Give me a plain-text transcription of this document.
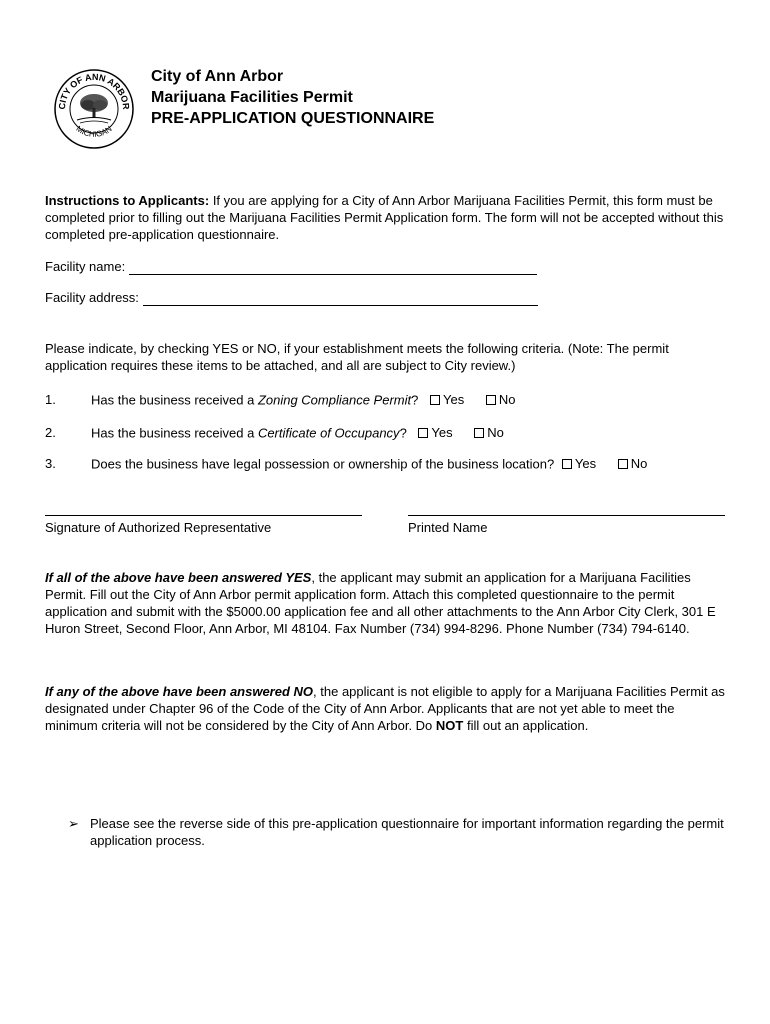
CITY OF ANN ARBOR
MICHIGAN
City of Ann Arbor
Marijuana Facilities Permit
PRE-APPLICATION QUESTIONNAIRE
Instructions to Applicants: If you are applying for a City of Ann Arbor Marijuana Facilities Permit, this form must be completed prior to filling out the Marijuana Facilities Permit Application form. The form will not be accepted without this completed pre-application questionnaire.
Facility name:
Facility address:
Please indicate, by checking YES or NO, if your establishment meets the following criteria. (Note: The permit application requires these items to be attached, and all are subject to City review.)
1.	Has the business received a Zoning Compliance Permit? Yes
	No
2.	Has the business received a Certificate of Occupancy? Yes
	No
3.	Does the business have legal possession or ownership of the business location? Yes
	No
Signature of Authorized Representative	Printed Name
If all of the above have been answered YES, the applicant may submit an application for a Marijuana Facilities Permit. Fill out the City of Ann Arbor permit application form. Attach this completed questionnaire to the permit application and submit with the $5000.00 application fee and all other attachments to the Ann Arbor City Clerk, 301 E Huron Street, Second Floor, Ann Arbor, MI 48104. Fax Number (734) 994-8296. Phone Number (734) 794-6140.
If any of the above have been answered NO, the applicant is not eligible to apply for a Marijuana Facilities Permit as designated under Chapter 96 of the Code of the City of Ann Arbor. Applicants that are not yet able to meet the minimum criteria will not be considered by the City of Ann Arbor. Do NOT fill out an application.
➢ Please see the reverse side of this pre-application questionnaire for important information regarding the permit application process.
